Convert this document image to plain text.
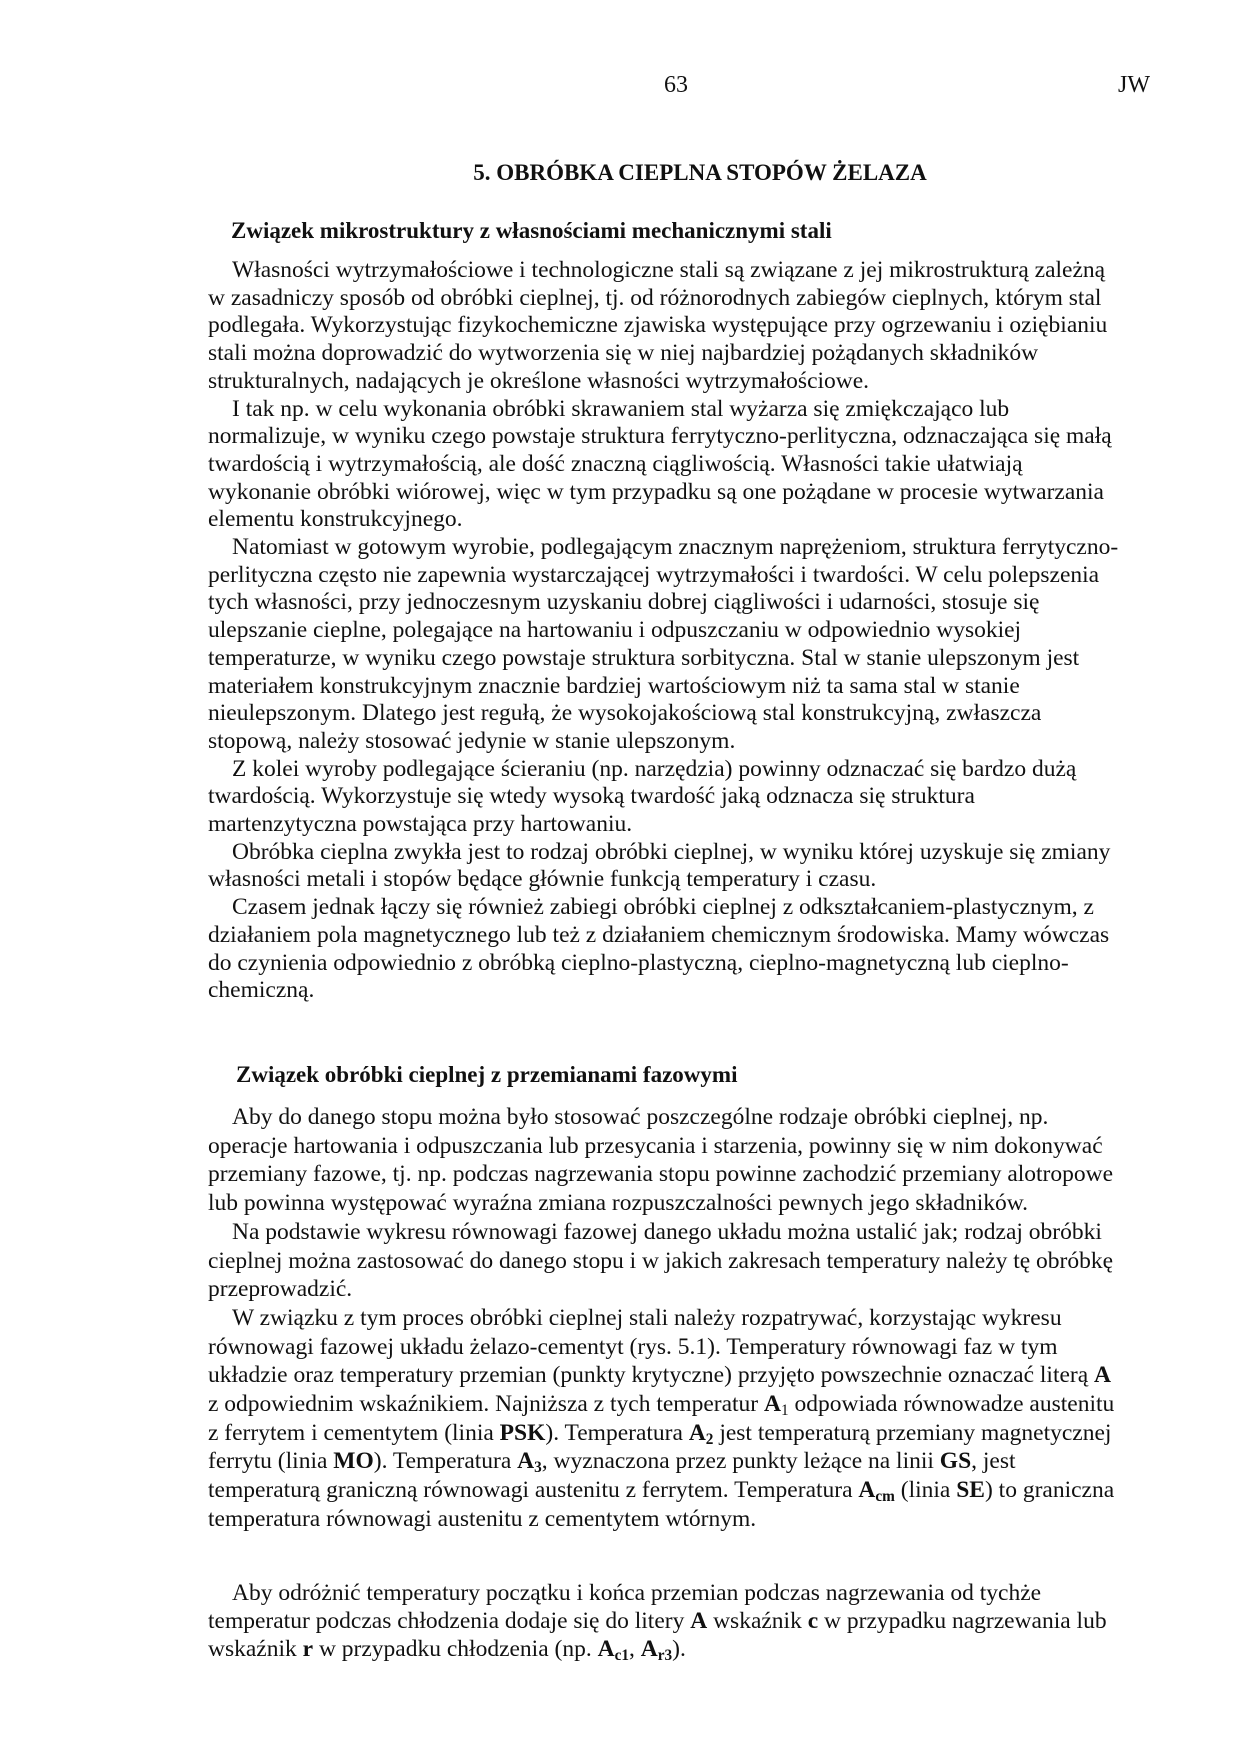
63	JW
5. OBRÓBKA CIEPLNA STOPÓW ŻELAZA
Związek mikrostruktury z własnościami mechanicznymi stali
Własności wytrzymałościowe i technologiczne stali są związane z jej mikrostrukturą zależną
w zasadniczy sposób od obróbki cieplnej, tj. od różnorodnych zabiegów cieplnych, którym stal
podlegała. Wykorzystując fizykochemiczne zjawiska występujące przy ogrzewaniu i oziębianiu
stali można doprowadzić do wytworzenia się w niej najbardziej pożądanych składników
strukturalnych, nadających je określone własności wytrzymałościowe.
I tak np. w celu wykonania obróbki skrawaniem stal wyżarza się zmiękczająco lub
normalizuje, w wyniku czego powstaje struktura ferrytyczno-perlityczna, odznaczająca się małą
twardością i wytrzymałością, ale dość znaczną ciągliwością. Własności takie ułatwiają
wykonanie obróbki wiórowej, więc w tym przypadku są one pożądane w procesie wytwarzania
elementu konstrukcyjnego.
Natomiast w gotowym wyrobie, podlegającym znacznym naprężeniom, struktura ferrytyczno-
perlityczna często nie zapewnia wystarczającej wytrzymałości i twardości. W celu polepszenia
tych własności, przy jednoczesnym uzyskaniu dobrej ciągliwości i udarności, stosuje się
ulepszanie cieplne, polegające na hartowaniu i odpuszczaniu w odpowiednio wysokiej
temperaturze, w wyniku czego powstaje struktura sorbityczna. Stal w stanie ulepszonym jest
materiałem konstrukcyjnym znacznie bardziej wartościowym niż ta sama stal w stanie
nieulepszonym. Dlatego jest regułą, że wysokojakościową stal konstrukcyjną, zwłaszcza
stopową, należy stosować jedynie w stanie ulepszonym.
Z kolei wyroby podlegające ścieraniu (np. narzędzia) powinny odznaczać się bardzo dużą
twardością. Wykorzystuje się wtedy wysoką twardość jaką odznacza się struktura
martenzytyczna powstająca przy hartowaniu.
Obróbka cieplna zwykła jest to rodzaj obróbki cieplnej, w wyniku której uzyskuje się zmiany
własności metali i stopów będące głównie funkcją temperatury i czasu.
Czasem jednak łączy się również zabiegi obróbki cieplnej z odkształcaniem-plastycznym, z
działaniem pola magnetycznego lub też z działaniem chemicznym środowiska. Mamy wówczas
do czynienia odpowiednio z obróbką cieplno-plastyczną, cieplno-magnetyczną lub cieplno-
chemiczną.
Związek obróbki cieplnej z przemianami fazowymi
Aby do danego stopu można było stosować poszczególne rodzaje obróbki cieplnej, np.
operacje hartowania i odpuszczania lub przesycania i starzenia, powinny się w nim dokonywać
przemiany fazowe, tj. np. podczas nagrzewania stopu powinne zachodzić przemiany alotropowe
lub powinna występować wyraźna zmiana rozpuszczalności pewnych jego składników.
Na podstawie wykresu równowagi fazowej danego układu można ustalić jak; rodzaj obróbki
cieplnej można zastosować do danego stopu i w jakich zakresach temperatury należy tę obróbkę
przeprowadzić.
W związku z tym proces obróbki cieplnej stali należy rozpatrywać, korzystając wykresu
równowagi fazowej układu żelazo-cementyt (rys. 5.1). Temperatury równowagi faz w tym
układzie oraz temperatury przemian (punkty krytyczne) przyjęto powszechnie oznaczać literą A
z odpowiednim wskaźnikiem. Najniższa z tych temperatur $A_1$ odpowiada równowadze austenitu
z ferrytem i cementytem (linia PSK). Temperatura $A_2$ jest temperaturą przemiany magnetycznej
ferrytu (linia MO). Temperatura $A_3$, wyznaczona przez punkty leżące na linii GS, jest
temperaturą graniczną równowagi austenitu z ferrytem. Temperatura $A_{cm}$ (linia SE) to graniczna
temperatura równowagi austenitu z cementytem wtórnym.
Aby odróżnić temperatury początku i końca przemian podczas nagrzewania od tychże
temperatur podczas chłodzenia dodaje się do litery A wskaźnik c w przypadku nagrzewania lub
wskaźnik r w przypadku chłodzenia (np. $A_{c1}$, $A_{r3}$).
